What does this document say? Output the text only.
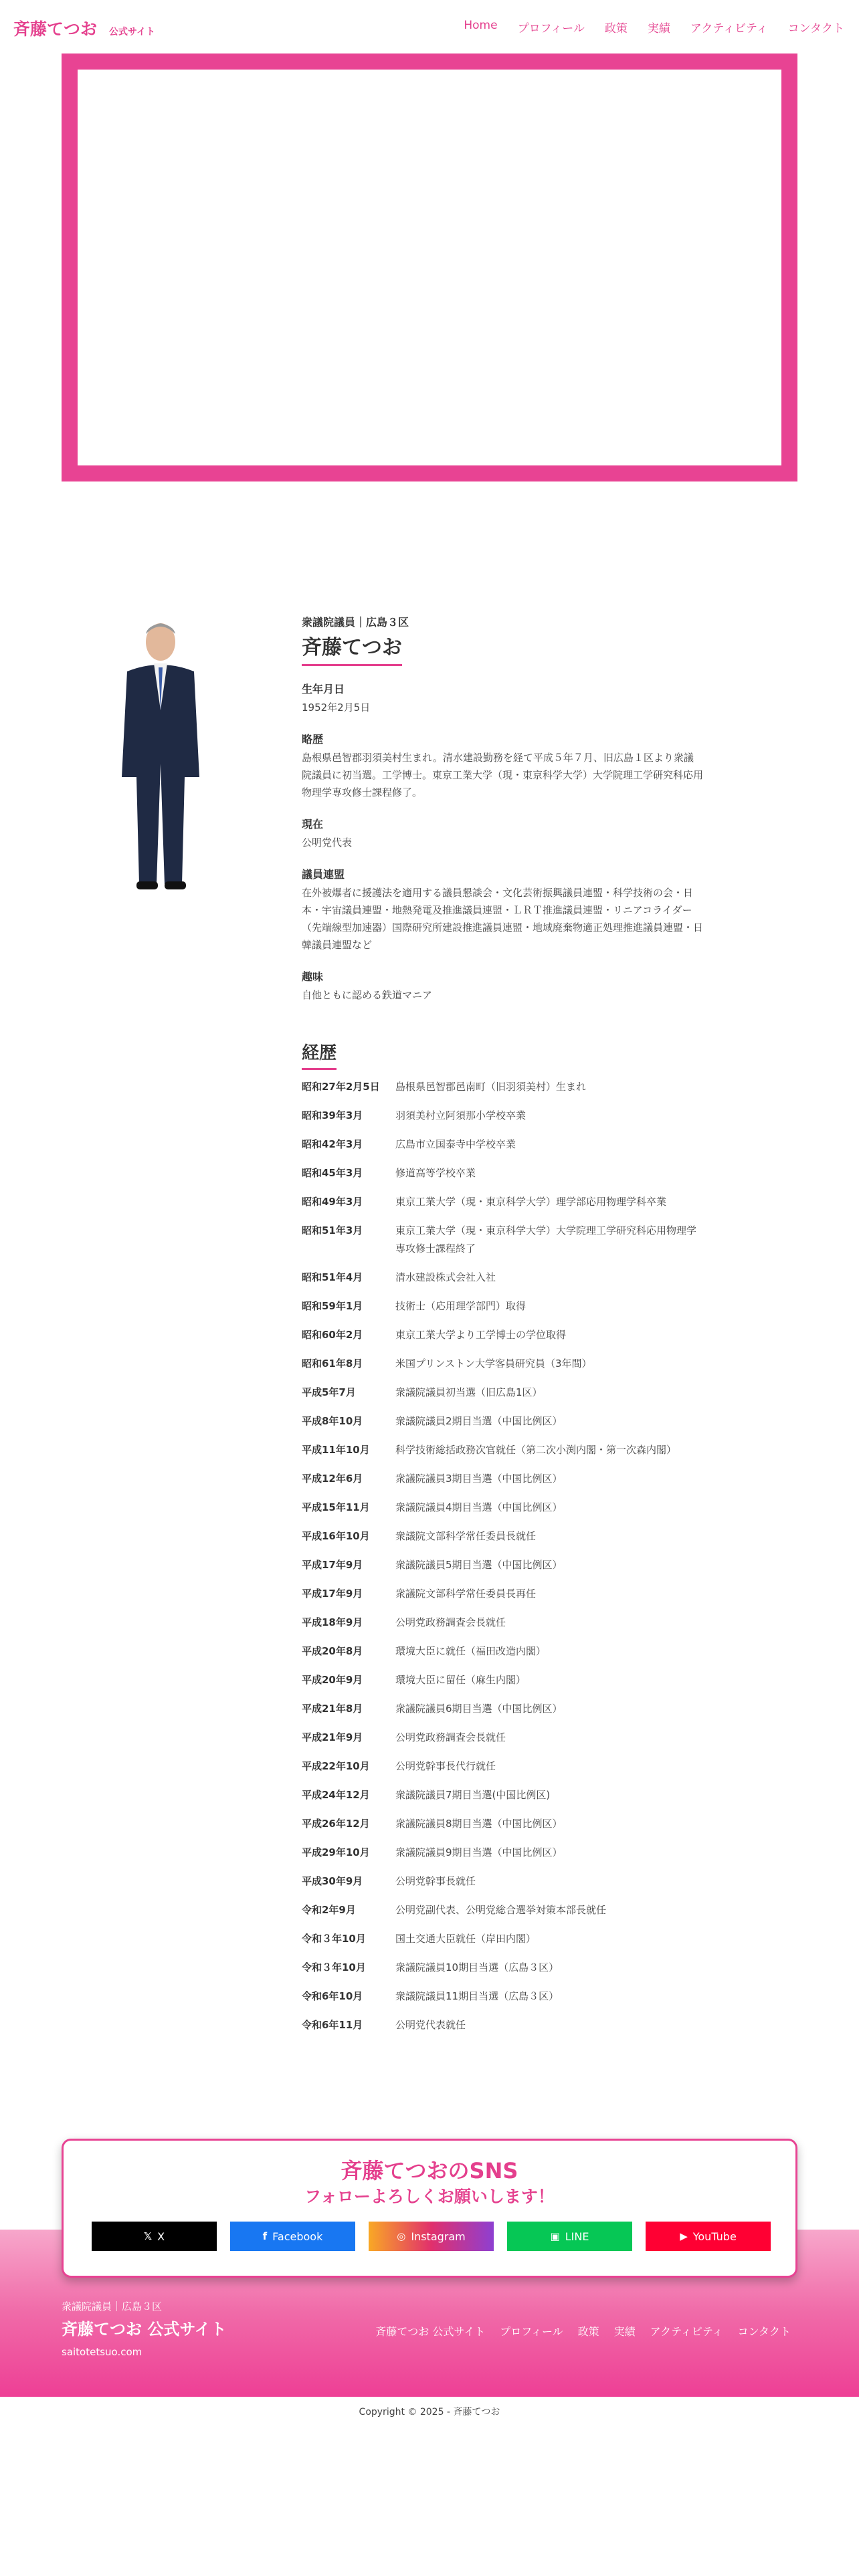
斉藤てつお 公式サイト	Home プロフィール 政策 実績 アクティビティ コンタクト
衆議院議員｜広島３区
斉藤てつお
生年月日
1952年2月5日
略歴
島根県邑智郡羽須美村生まれ。清水建設勤務を経て平成５年７月、旧広島１区より衆議院議員に初当選。工学博士。東京工業大学（現・東京科学大学）大学院理工学研究科応用物理学専攻修士課程修了。
現在
公明党代表
議員連盟
在外被爆者に援護法を適用する議員懇談会・文化芸術振興議員連盟・科学技術の会・日本・宇宙議員連盟・地熱発電及推進議員連盟・ＬＲＴ推進議員連盟・リニアコライダー（先端線型加速器）国際研究所建設推進議員連盟・地域廃棄物適正処理推進議員連盟・日韓議員連盟など
趣味
自他ともに認める鉄道マニア
経歴
昭和27年2月5日	島根県邑智郡邑南町（旧羽須美村）生まれ
昭和39年3月	羽須美村立阿須那小学校卒業
昭和42年3月	広島市立国泰寺中学校卒業
昭和45年3月	修道高等学校卒業
昭和49年3月	東京工業大学（現・東京科学大学）理学部応用物理学科卒業
昭和51年3月	東京工業大学（現・東京科学大学）大学院理工学研究科応用物理学専攻修士課程終了
昭和51年4月	清水建設株式会社入社
昭和59年1月	技術士（応用理学部門）取得
昭和60年2月	東京工業大学より工学博士の学位取得
昭和61年8月	米国プリンストン大学客員研究員（3年間）
平成5年7月	衆議院議員初当選（旧広島1区）
平成8年10月	衆議院議員2期目当選（中国比例区）
平成11年10月	科学技術総括政務次官就任（第二次小渕内閣・第一次森内閣）
平成12年6月	衆議院議員3期目当選（中国比例区）
平成15年11月	衆議院議員4期目当選（中国比例区）
平成16年10月	衆議院文部科学常任委員長就任
平成17年9月	衆議院議員5期目当選（中国比例区）
平成17年9月	衆議院文部科学常任委員長再任
平成18年9月	公明党政務調査会長就任
平成20年8月	環境大臣に就任（福田改造内閣）
平成20年9月	環境大臣に留任（麻生内閣）
平成21年8月	衆議院議員6期目当選（中国比例区）
平成21年9月	公明党政務調査会長就任
平成22年10月	公明党幹事長代行就任
平成24年12月	衆議院議員7期目当選(中国比例区)
平成26年12月	衆議院議員8期目当選（中国比例区）
平成29年10月	衆議院議員9期目当選（中国比例区）
平成30年9月	公明党幹事長就任
令和2年9月	公明党副代表、公明党総合選挙対策本部長就任
令和３年10月	国土交通大臣就任（岸田内閣）
令和３年10月	衆議院議員10期目当選（広島３区）
令和6年10月	衆議院議員11期目当選（広島３区）
令和6年11月	公明党代表就任
斉藤てつおのSNS
フォローよろしくお願いします！
𝕏 X	f Facebook	◎ Instagram	▣ LINE	▶ YouTube
衆議院議員｜広島３区
斉藤てつお 公式サイト
saitotetsuo.com
斉藤てつお 公式サイト プロフィール 政策 実績 アクティビティ コンタクト
Copyright © 2025 - 斉藤てつお
